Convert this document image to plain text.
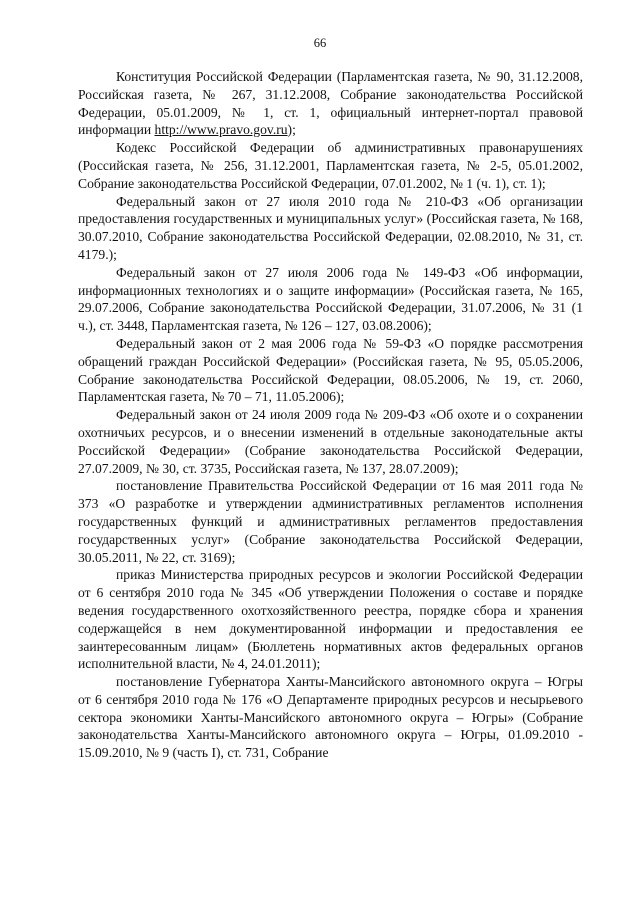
66

Конституция Российской Федерации (Парламентская газета, № 90, 31.12.2008, Российская газета, № 267, 31.12.2008, Собрание законодательства Российской Федерации, 05.01.2009, № 1, ст. 1, официальный интернет-портал правовой информации http://www.pravo.gov.ru);

Кодекс Российской Федерации об административных правонарушениях (Российская газета, № 256, 31.12.2001, Парламентская газета, № 2-5, 05.01.2002, Собрание законодательства Российской Федерации, 07.01.2002, № 1 (ч. 1), ст. 1);

Федеральный закон от 27 июля 2010 года № 210-ФЗ «Об организации предоставления государственных и муниципальных услуг» (Российская газета, № 168, 30.07.2010, Собрание законодательства Российской Федерации, 02.08.2010, № 31, ст. 4179.);

Федеральный закон от 27 июля 2006 года № 149-ФЗ «Об информации, информационных технологиях и о защите информации» (Российская газета, № 165, 29.07.2006, Собрание законодательства Российской Федерации, 31.07.2006, № 31 (1 ч.), ст. 3448, Парламентская газета, № 126 – 127, 03.08.2006);

Федеральный закон от 2 мая 2006 года № 59-ФЗ «О порядке рассмотрения обращений граждан Российской Федерации» (Российская газета, № 95, 05.05.2006, Собрание законодательства Российской Федерации, 08.05.2006, № 19, ст. 2060, Парламентская газета, № 70 – 71, 11.05.2006);

Федеральный закон от 24 июля 2009 года № 209-ФЗ «Об охоте и о сохранении охотничьих ресурсов, и о внесении изменений в отдельные законодательные акты Российской Федерации» (Собрание законодательства Российской Федерации, 27.07.2009, № 30, ст. 3735, Российская газета, № 137, 28.07.2009);

постановление Правительства Российской Федерации от 16 мая 2011 года № 373 «О разработке и утверждении административных регламентов исполнения государственных функций и административных регламентов предоставления государственных услуг» (Собрание законодательства Российской Федерации, 30.05.2011, № 22, ст. 3169);

приказ Министерства природных ресурсов и экологии Российской Федерации от 6 сентября 2010 года № 345 «Об утверждении Положения о составе и порядке ведения государственного охотхозяйственного реестра, порядке сбора и хранения содержащейся в нем документированной информации и предоставления ее заинтересованным лицам» (Бюллетень нормативных актов федеральных органов исполнительной власти, № 4, 24.01.2011);

постановление Губернатора Ханты-Мансийского автономного округа – Югры от 6 сентября 2010 года № 176 «О Департаменте природных ресурсов и несырьевого сектора экономики Ханты-Мансийского автономного округа – Югры» (Собрание законодательства Ханты-Мансийского автономного округа – Югры, 01.09.2010 - 15.09.2010, № 9 (часть I), ст. 731, Собрание
